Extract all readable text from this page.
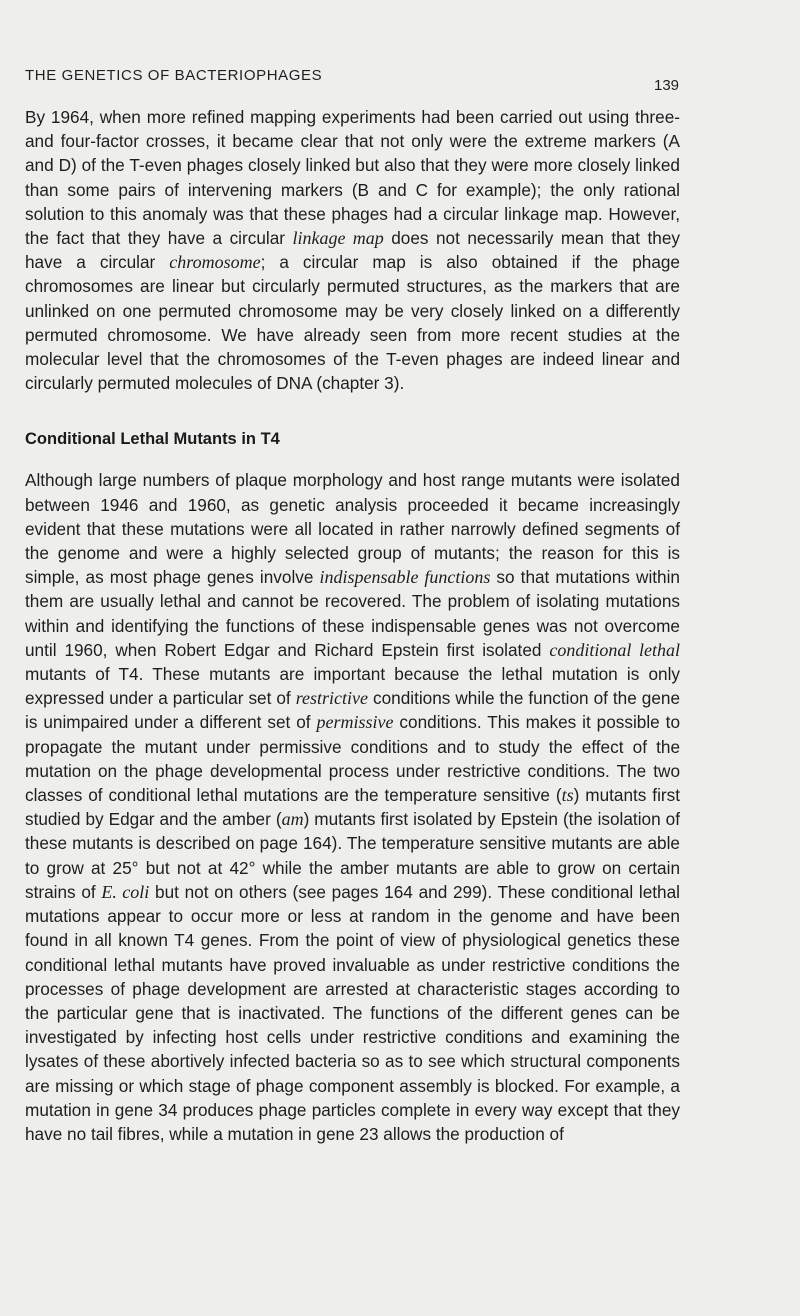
THE GENETICS OF BACTERIOPHAGES
139

By 1964, when more refined mapping experiments had been carried out using three- and four-factor crosses, it became clear that not only were the extreme markers (A and D) of the T-even phages closely linked but also that they were more closely linked than some pairs of intervening markers (B and C for example); the only rational solution to this anomaly was that these phages had a circular linkage map. However, the fact that they have a circular linkage map does not necessarily mean that they have a circular chromosome; a circular map is also obtained if the phage chromosomes are linear but circularly permuted structures, as the markers that are unlinked on one permuted chromosome may be very closely linked on a differently permuted chromosome. We have already seen from more recent studies at the molecular level that the chromosomes of the T-even phages are indeed linear and circularly permuted molecules of DNA (chapter 3).

Conditional Lethal Mutants in T4

Although large numbers of plaque morphology and host range mutants were isolated between 1946 and 1960, as genetic analysis proceeded it became increasingly evident that these mutations were all located in rather narrowly defined segments of the genome and were a highly selected group of mutants; the reason for this is simple, as most phage genes involve indispensable functions so that mutations within them are usually lethal and cannot be recovered. The problem of isolating mutations within and identifying the functions of these indispensable genes was not overcome until 1960, when Robert Edgar and Richard Epstein first isolated conditional lethal mutants of T4. These mutants are important because the lethal mutation is only expressed under a particular set of restrictive conditions while the function of the gene is unimpaired under a different set of permissive conditions. This makes it possible to propagate the mutant under permissive conditions and to study the effect of the mutation on the phage developmental process under restrictive conditions. The two classes of conditional lethal mutations are the temperature sensitive (ts) mutants first studied by Edgar and the amber (am) mutants first isolated by Epstein (the isolation of these mutants is described on page 164). The temperature sensitive mutants are able to grow at 25° but not at 42° while the amber mutants are able to grow on certain strains of E. coli but not on others (see pages 164 and 299). These conditional lethal mutations appear to occur more or less at random in the genome and have been found in all known T4 genes. From the point of view of physiological genetics these conditional lethal mutants have proved invaluable as under restrictive conditions the processes of phage development are arrested at characteristic stages according to the particular gene that is inactivated. The functions of the different genes can be investigated by infecting host cells under restrictive conditions and examining the lysates of these abortively infected bacteria so as to see which structural components are missing or which stage of phage component assembly is blocked. For example, a mutation in gene 34 produces phage particles complete in every way except that they have no tail fibres, while a mutation in gene 23 allows the production of
